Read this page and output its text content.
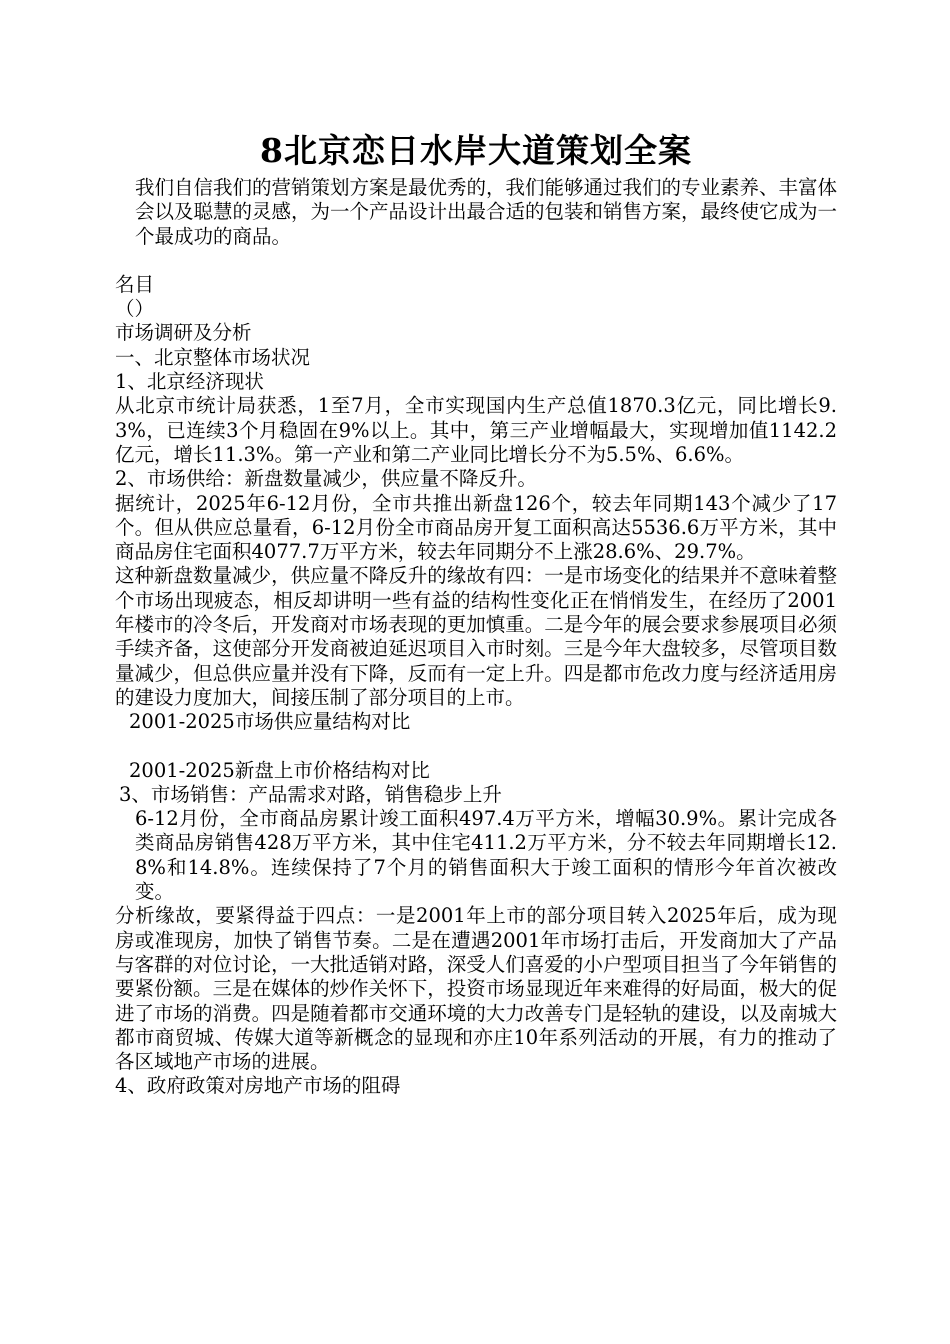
8北京恋日水岸大道策划全案

我们自信我们的营销策划方案是最优秀的，我们能够通过我们的专业素养、丰富体会以及聪慧的灵感，为一个产品设计出最合适的包装和销售方案，最终使它成为一个最成功的商品。

名目

（）

市场调研及分析

一、北京整体市场状况

1、北京经济现状

从北京市统计局获悉，1至7月，全市实现国内生产总值1870.3亿元，同比增长9.3%，已连续3个月稳固在9%以上。其中，第三产业增幅最大，实现增加值1142.2亿元，增长11.3%。第一产业和第二产业同比增长分不为5.5%、6.6%。

2、市场供给：新盘数量减少，供应量不降反升。

据统计，2025年6-12月份，全市共推出新盘126个，较去年同期143个减少了17个。但从供应总量看，6-12月份全市商品房开复工面积高达5536.6万平方米，其中商品房住宅面积4077.7万平方米，较去年同期分不上涨28.6%、29.7%。

这种新盘数量减少，供应量不降反升的缘故有四：一是市场变化的结果并不意味着整个市场出现疲态，相反却讲明一些有益的结构性变化正在悄悄发生，在经历了2001年楼市的冷冬后，开发商对市场表现的更加慎重。二是今年的展会要求参展项目必须手续齐备，这使部分开发商被迫延迟项目入市时刻。三是今年大盘较多，尽管项目数量减少，但总供应量并没有下降，反而有一定上升。四是都市危改力度与经济适用房的建设力度加大，间接压制了部分项目的上市。

2001-2025市场供应量结构对比

2001-2025新盘上市价格结构对比

3、市场销售：产品需求对路，销售稳步上升

6-12月份，全市商品房累计竣工面积497.4万平方米，增幅30.9%。累计完成各类商品房销售428万平方米，其中住宅411.2万平方米，分不较去年同期增长12.8%和14.8%。连续保持了7个月的销售面积大于竣工面积的情形今年首次被改变。

分析缘故，要紧得益于四点：一是2001年上市的部分项目转入2025年后，成为现房或准现房，加快了销售节奏。二是在遭遇2001年市场打击后，开发商加大了产品与客群的对位讨论，一大批适销对路，深受人们喜爱的小户型项目担当了今年销售的要紧份额。三是在媒体的炒作关怀下，投资市场显现近年来难得的好局面，极大的促进了市场的消费。四是随着都市交通环境的大力改善专门是轻轨的建设，以及南城大都市商贸城、传媒大道等新概念的显现和亦庄10年系列活动的开展，有力的推动了各区域地产市场的进展。

4、政府政策对房地产市场的阻碍
